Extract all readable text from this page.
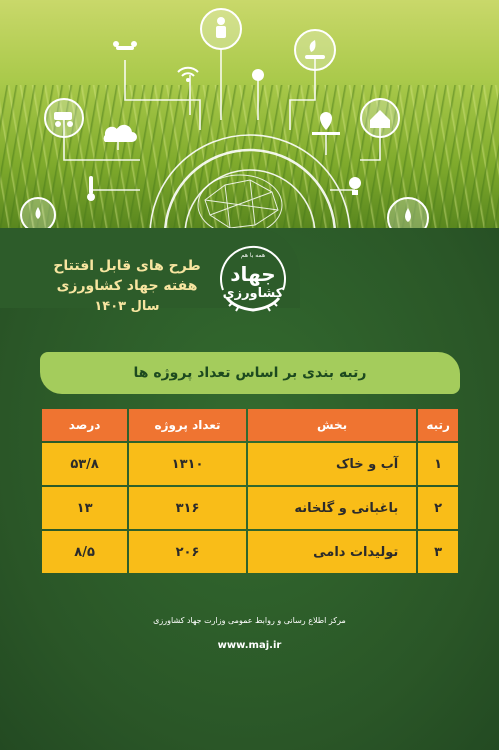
طرح های قابل افتتاح
هفته جهاد کشاورزی
سال ۱۴۰۳
همه با هم
جهاد
کشاورزی
رتبه بندی بر اساس تعداد پروژه ها
رتبه	بخش	تعداد پروژه	درصد
۱	آب و خاک	۱۳۱۰	۵۳/۸
۲	باغبانی و گلخانه	۳۱۶	۱۳
۳	تولیدات دامی	۲۰۶	۸/۵
مرکز اطلاع رسانی و روابط عمومی وزارت جهاد کشاورزی
www.maj.ir
